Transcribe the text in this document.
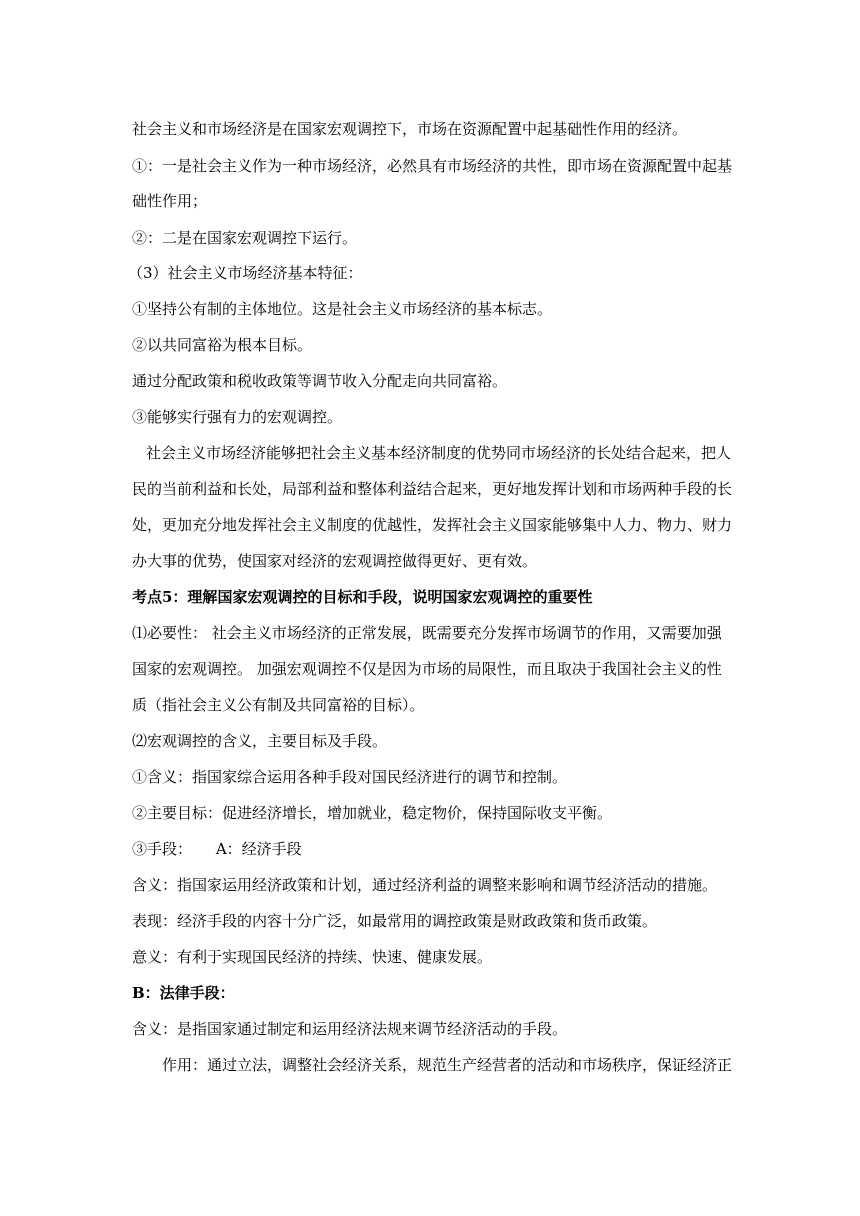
社会主义和市场经济是在国家宏观调控下，市场在资源配置中起基础性作用的经济。
①：一是社会主义作为一种市场经济，必然具有市场经济的共性，即市场在资源配置中起基
础性作用；
②：二是在国家宏观调控下运行。
（3）社会主义市场经济基本特征：
①坚持公有制的主体地位。这是社会主义市场经济的基本标志。
②以共同富裕为根本目标。
通过分配政策和税收政策等调节收入分配走向共同富裕。
③能够实行强有力的宏观调控。
社会主义市场经济能够把社会主义基本经济制度的优势同市场经济的长处结合起来，把人
民的当前利益和长处，局部利益和整体利益结合起来，更好地发挥计划和市场两种手段的长
处，更加充分地发挥社会主义制度的优越性，发挥社会主义国家能够集中人力、物力、财力
办大事的优势，使国家对经济的宏观调控做得更好、更有效。
考点5：理解国家宏观调控的目标和手段，说明国家宏观调控的重要性
⑴必要性： 社会主义市场经济的正常发展，既需要充分发挥市场调节的作用，又需要加强
国家的宏观调控。 加强宏观调控不仅是因为市场的局限性，而且取决于我国社会主义的性
质（指社会主义公有制及共同富裕的目标）。
⑵宏观调控的含义，主要目标及手段。
①含义：指国家综合运用各种手段对国民经济进行的调节和控制。
②主要目标：促进经济增长，增加就业，稳定物价，保持国际收支平衡。
③手段：     A：经济手段
含义：指国家运用经济政策和计划，通过经济利益的调整来影响和调节经济活动的措施。
表现：经济手段的内容十分广泛，如最常用的调控政策是财政政策和货币政策。
意义：有利于实现国民经济的持续、快速、健康发展。
B：法律手段：
含义：是指国家通过制定和运用经济法规来调节经济活动的手段。
作用：通过立法，调整社会经济关系，规范生产经营者的活动和市场秩序，保证经济正
